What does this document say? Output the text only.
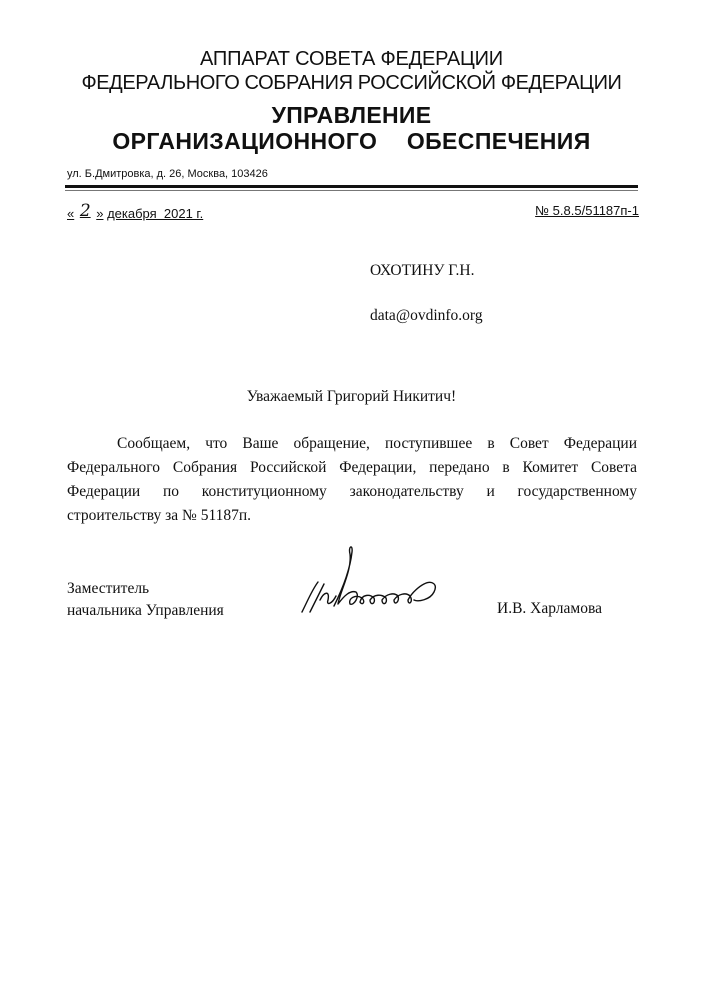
АППАРАТ СОВЕТА ФЕДЕРАЦИИ
ФЕДЕРАЛЬНОГО СОБРАНИЯ РОССИЙСКОЙ ФЕДЕРАЦИИ
УПРАВЛЕНИЕ
ОРГАНИЗАЦИОННОГО  ОБЕСПЕЧЕНИЯ
ул. Б.Дмитровка, д. 26, Москва, 103426
« 2 » декабря  2021 г.	№ 5.8.5/51187п-1
ОХОТИНУ Г.Н.
data@ovdinfo.org
Уважаемый Григорий Никитич!
Сообщаем, что Ваше обращение, поступившее в Совет Федерации Федерального Собрания Российской Федерации, передано в Комитет Совета Федерации по конституционному законодательству и государственному строительству за № 51187п.
Заместитель
начальника Управления	И.В. Харламова
